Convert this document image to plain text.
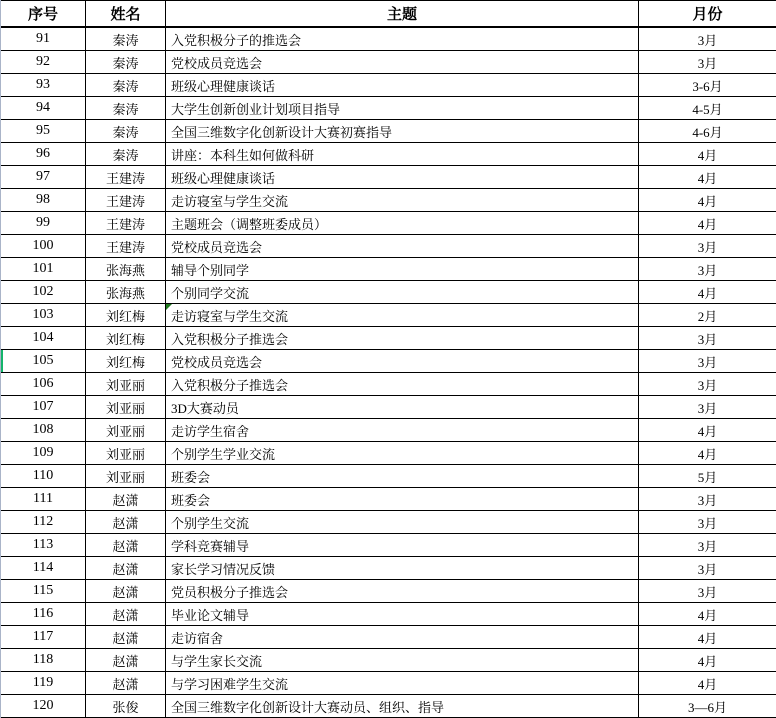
序号	姓名	主题	月份
91	秦涛	入党积极分子的推选会	3月
92	秦涛	党校成员竞选会	3月
93	秦涛	班级心理健康谈话	3-6月
94	秦涛	大学生创新创业计划项目指导	4-5月
95	秦涛	全国三维数字化创新设计大赛初赛指导	4-6月
96	秦涛	讲座：本科生如何做科研	4月
97	王建涛	班级心理健康谈话	4月
98	王建涛	走访寝室与学生交流	4月
99	王建涛	主题班会（调整班委成员）	4月
100	王建涛	党校成员竞选会	3月
101	张海燕	辅导个别同学	3月
102	张海燕	个别同学交流	4月
103	刘红梅	走访寝室与学生交流	2月
104	刘红梅	入党积极分子推选会	3月
105	刘红梅	党校成员竞选会	3月
106	刘亚丽	入党积极分子推选会	3月
107	刘亚丽	3D大赛动员	3月
108	刘亚丽	走访学生宿舍	4月
109	刘亚丽	个别学生学业交流	4月
110	刘亚丽	班委会	5月
111	赵潇	班委会	3月
112	赵潇	个别学生交流	3月
113	赵潇	学科竞赛辅导	3月
114	赵潇	家长学习情况反馈	3月
115	赵潇	党员积极分子推选会	3月
116	赵潇	毕业论文辅导	4月
117	赵潇	走访宿舍	4月
118	赵潇	与学生家长交流	4月
119	赵潇	与学习困难学生交流	4月
120	张俊	全国三维数字化创新设计大赛动员、组织、指导	3—6月
